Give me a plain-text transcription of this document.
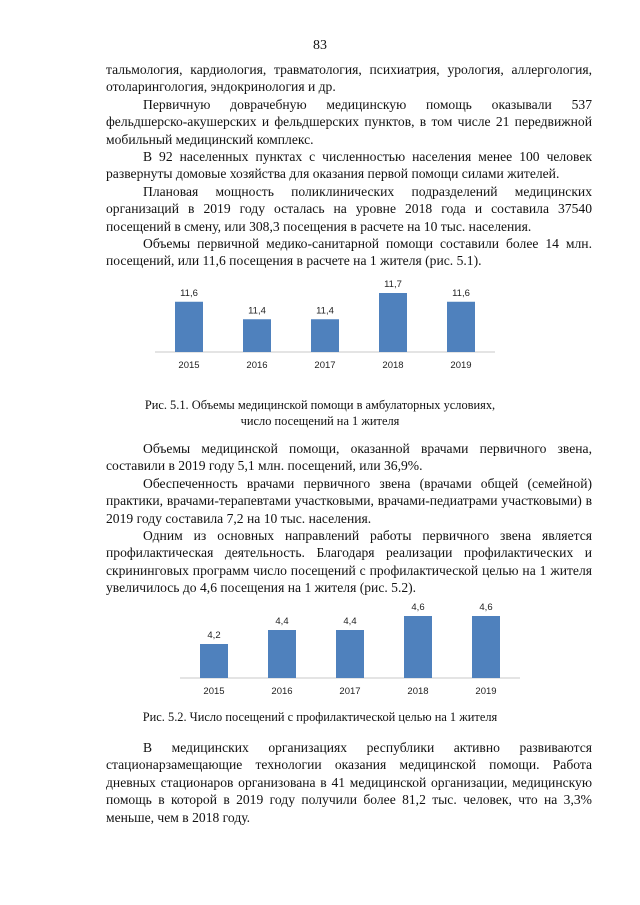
83

тальмология, кардиология, травматология, психиатрия, урология, аллергология, отоларингология, эндокринология и др.

Первичную доврачебную медицинскую помощь оказывали 537 фельдшерско-акушерских и фельдшерских пунктов, в том числе 21 передвижной мобильный медицинский комплекс.

В 92 населенных пунктах с численностью населения менее 100 человек развернуты домовые хозяйства для оказания первой помощи силами жителей.

Плановая мощность поликлинических подразделений медицинских организаций в 2019 году осталась на уровне 2018 года и составила 37540 посещений в смену, или 308,3 посещения в расчете на 10 тыс. населения.

Объемы первичной медико-санитарной помощи составили более 14 млн. посещений, или 11,6 посещения в расчете на 1 жителя (рис. 5.1).

11,6
2015
11,4
2016
11,4
2017
11,7
2018
11,6
2019
Рис. 5.1. Объемы медицинской помощи в амбулаторных условиях,
число посещений на 1 жителя

Объемы медицинской помощи, оказанной врачами первичного звена, составили в 2019 году 5,1 млн. посещений, или 36,9%.

Обеспеченность врачами первичного звена (врачами общей (семейной) практики, врачами-терапевтами участковыми, врачами-педиатрами участковыми) в 2019 году составила 7,2 на 10 тыс. населения.

Одним из основных направлений работы первичного звена является профилактическая деятельность. Благодаря реализации профилактических и скрининговых программ число посещений с профилактической целью на 1 жителя увеличилось до 4,6 посещения на 1 жителя (рис. 5.2).

4,2
2015
4,4
2016
4,4
2017
4,6
2018
4,6
2019
Рис. 5.2. Число посещений с профилактической целью на 1 жителя

В медицинских организациях республики активно развиваются стационарзамещающие технологии оказания медицинской помощи. Работа дневных стационаров организована в 41 медицинской организации, медицинскую помощь в которой в 2019 году получили более 81,2 тыс. человек, что на 3,3% меньше, чем в 2018 году.
